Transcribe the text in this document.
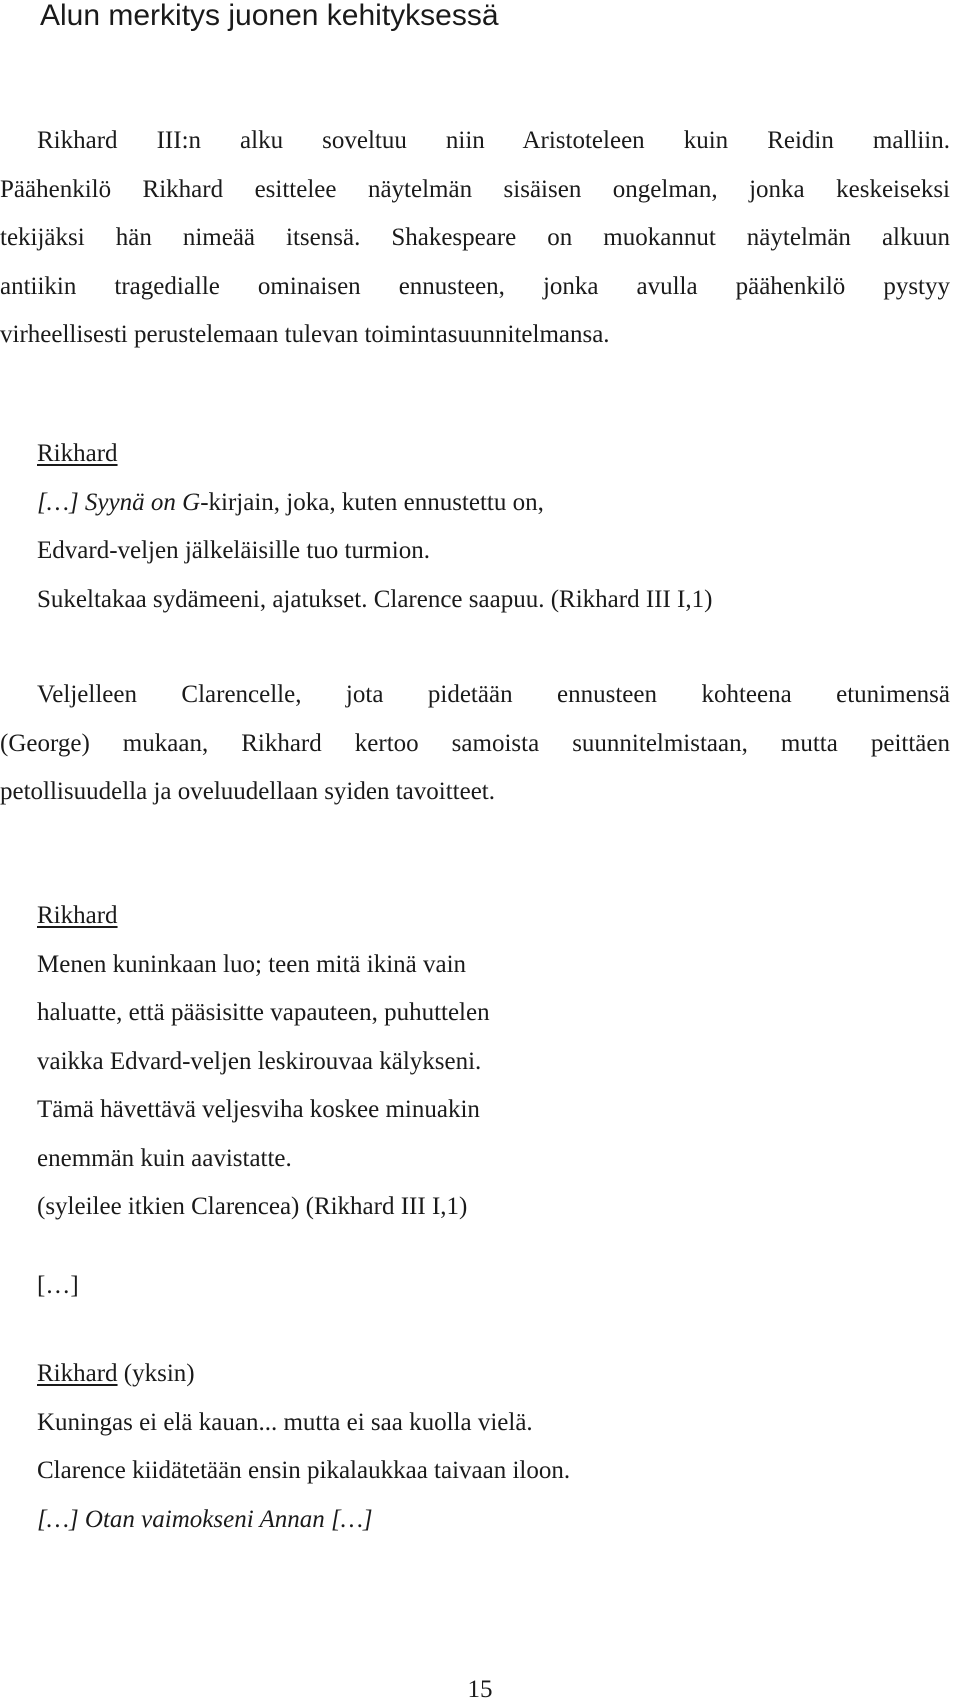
Alun merkitys juonen kehityksessä
Rikhard III:n alku soveltuu niin Aristoteleen kuin Reidin malliin.
Päähenkilö Rikhard esittelee näytelmän sisäisen ongelman, jonka keskeiseksi
tekijäksi hän nimeää itsensä. Shakespeare on muokannut näytelmän alkuun
antiikin tragedialle ominaisen ennusteen, jonka avulla päähenkilö pystyy
virheellisesti perustelemaan tulevan toimintasuunnitelmansa.
Rikhard
[…] Syynä on G-kirjain, joka, kuten ennustettu on,
Edvard-veljen jälkeläisille tuo turmion.
Sukeltakaa sydämeeni, ajatukset. Clarence saapuu. (Rikhard III I,1)
Veljelleen Clarencelle, jota pidetään ennusteen kohteena etunimensä
(George) mukaan, Rikhard kertoo samoista suunnitelmistaan, mutta peittäen
petollisuudella ja oveluudellaan syiden tavoitteet.
Rikhard
Menen kuninkaan luo; teen mitä ikinä vain
haluatte, että pääsisitte vapauteen, puhuttelen
vaikka Edvard-veljen leskirouvaa kälykseni.
Tämä hävettävä veljesviha koskee minuakin
enemmän kuin aavistatte.
(syleilee itkien Clarencea) (Rikhard III I,1)
[…]
Rikhard (yksin)
Kuningas ei elä kauan... mutta ei saa kuolla vielä.
Clarence kiidätetään ensin pikalaukkaa taivaan iloon.
[…] Otan vaimokseni Annan […]
15
